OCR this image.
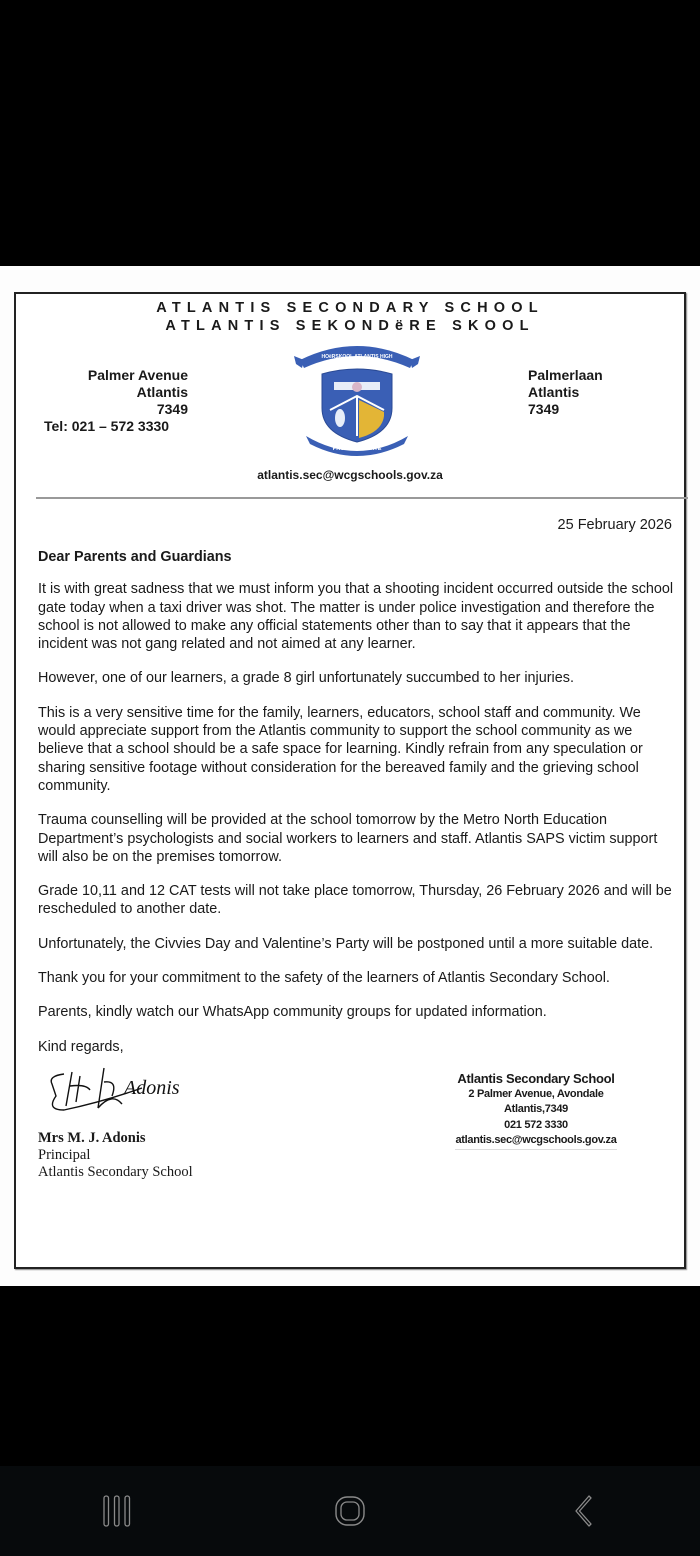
ATLANTIS SECONDARY SCHOOL
ATLANTIS SEKONDëRE SKOOL
Palmer Avenue
Atlantis
7349
Tel: 021 – 572 3330
HOëRSKOOL ATLANTIS HIGH
PRO VIRILI PARTE
Palmerlaan
Atlantis
7349
atlantis.sec@wcgschools.gov.za
25 February 2026

Dear Parents and Guardians

It is with great sadness that we must inform you that a shooting incident occurred outside the school gate today when a taxi driver was shot. The matter is under police investigation and therefore the school is not allowed to make any official statements other than to say that it appears that the incident was not gang related and not aimed at any learner.

However, one of our learners, a grade 8 girl unfortunately succumbed to her injuries.

This is a very sensitive time for the family, learners, educators, school staff and community. We would appreciate support from the Atlantis community to support the school community as we believe that a school should be a safe space for learning. Kindly refrain from any speculation or sharing sensitive footage without consideration for the bereaved family and the grieving school community.

Trauma counselling will be provided at the school tomorrow by the Metro North Education Department’s psychologists and social workers to learners and staff. Atlantis SAPS victim support will also be on the premises tomorrow.

Grade 10,11 and 12 CAT tests will not take place tomorrow, Thursday, 26 February 2026 and will be rescheduled to another date.

Unfortunately, the Civvies Day and Valentine’s Party will be postponed until a more suitable date.

Thank you for your commitment to the safety of the learners of Atlantis Secondary School.

Parents, kindly watch our WhatsApp community groups for updated information.

Kind regards,

Adonis
Mrs M. J. Adonis
Principal
Atlantis Secondary School
Atlantis Secondary School
2 Palmer Avenue, Avondale
Atlantis,7349
021 572 3330
atlantis.sec@wcgschools.gov.za
